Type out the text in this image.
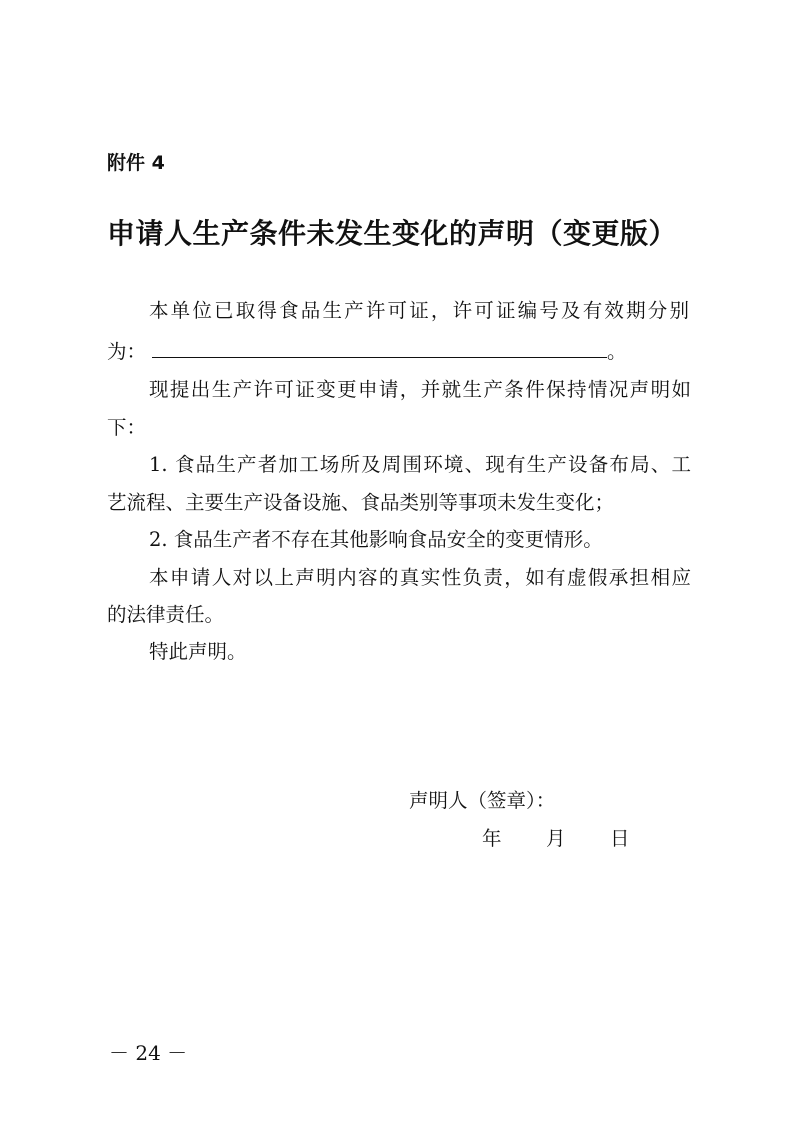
附件 4
申请人生产条件未发生变化的声明（变更版）
本单位已取得食品生产许可证，许可证编号及有效期分别
为：	。
现提出生产许可证变更申请，并就生产条件保持情况声明如
下：
1. 食品生产者加工场所及周围环境、现有生产设备布局、工
艺流程、主要生产设备设施、食品类别等事项未发生变化；
2. 食品生产者不存在其他影响食品安全的变更情形。
本申请人对以上声明内容的真实性负责，如有虚假承担相应
的法律责任。
特此声明。
声明人（签章）：
年 月 日
－ 24 －
